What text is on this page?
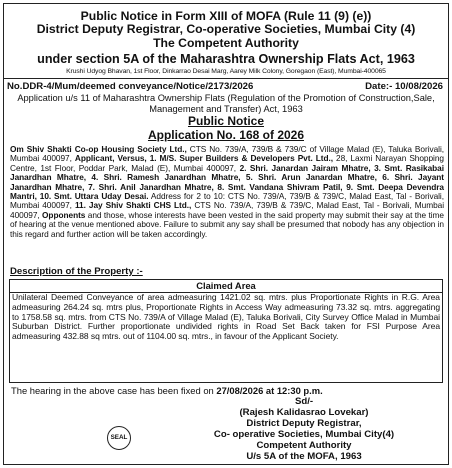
Public Notice in Form XIII of MOFA (Rule 11 (9) (e))
District Deputy Registrar, Co-operative Societies, Mumbai City (4)
The Competent Authority
under section 5A of the Maharashtra Ownership Flats Act, 1963
Krushi Udyog Bhavan, 1st Floor, Dinkarrao Desai Marg, Aarey Milk Colony, Goregaon (East), Mumbai-400065
No.DDR-4/Mum/deemed conveyance/Notice/2173/2026	Date:- 10/08/2026
Application u/s 11 of Maharashtra Ownership Flats (Regulation of the Promotion of Construction,Sale, Management and Transfer) Act, 1963
Public Notice
Application No. 168 of 2026
Om Shiv Shakti Co-op Housing Society Ltd., CTS No. 739/A, 739/B & 739/C of Village Malad (E), Taluka Borivali, Mumbai 400097, Applicant, Versus, 1. M/S. Super Builders & Developers Pvt. Ltd., 28, Laxmi Narayan Shopping Centre, 1st Floor, Poddar Park, Malad (E), Mumbai 400097, 2. Shri. Janardan Jairam Mhatre, 3. Smt. Rasikabai Janardhan Mhatre, 4. Shri. Ramesh Janardhan Mhatre, 5. Shri. Arun Janardan Mhatre, 6. Shri. Jayant Janardhan Mhatre, 7. Shri. Anil Janardhan Mhatre, 8. Smt. Vandana Shivram Patil, 9. Smt. Deepa Devendra Mantri, 10. Smt. Uttara Uday Desai. Address for 2 to 10: CTS No. 739/A, 739/B & 739/C, Malad East, Tal - Borivali, Mumbai 400097, 11. Jay Shiv Shakti CHS Ltd., CTS No. 739/A, 739/B & 739/C, Malad East, Tal - Borivali, Mumbai 400097, Opponents and those, whose interests have been vested in the said property may submit their say at the time of hearing at the venue mentioned above. Failure to submit any say shall be presumed that nobody has any objection in this regard and further action will be taken accordingly.
Description of the Property :-
Claimed Area
Unilateral Deemed Conveyance of area admeasuring 1421.02 sq. mtrs. plus Proportionate Rights in R.G. Area admeasuring 264.24 sq. mtrs plus, Proportionate Rights in Access Way admeasuring 73.32 sq. mtrs. aggregating to 1758.58 sq. mtrs. from CTS No. 739/A of Village Malad (E), Taluka Borivali, City Survey Office Malad in Mumbai Suburban District. Further proportionate undivided rights in Road Set Back taken for FSI Purpose Area admeasuring 432.88 sq mtrs. out of 1104.00 sq. mtrs., in favour of the Applicant Society.
The hearing in the above case has been fixed on 27/08/2026 at 12:30 p.m.
Sd/-
(Rajesh Kalidasrao Lovekar)
District Deputy Registrar,
Co- operative Societies, Mumbai City(4)
Competent Authority
U/s 5A of the MOFA, 1963
SEAL
